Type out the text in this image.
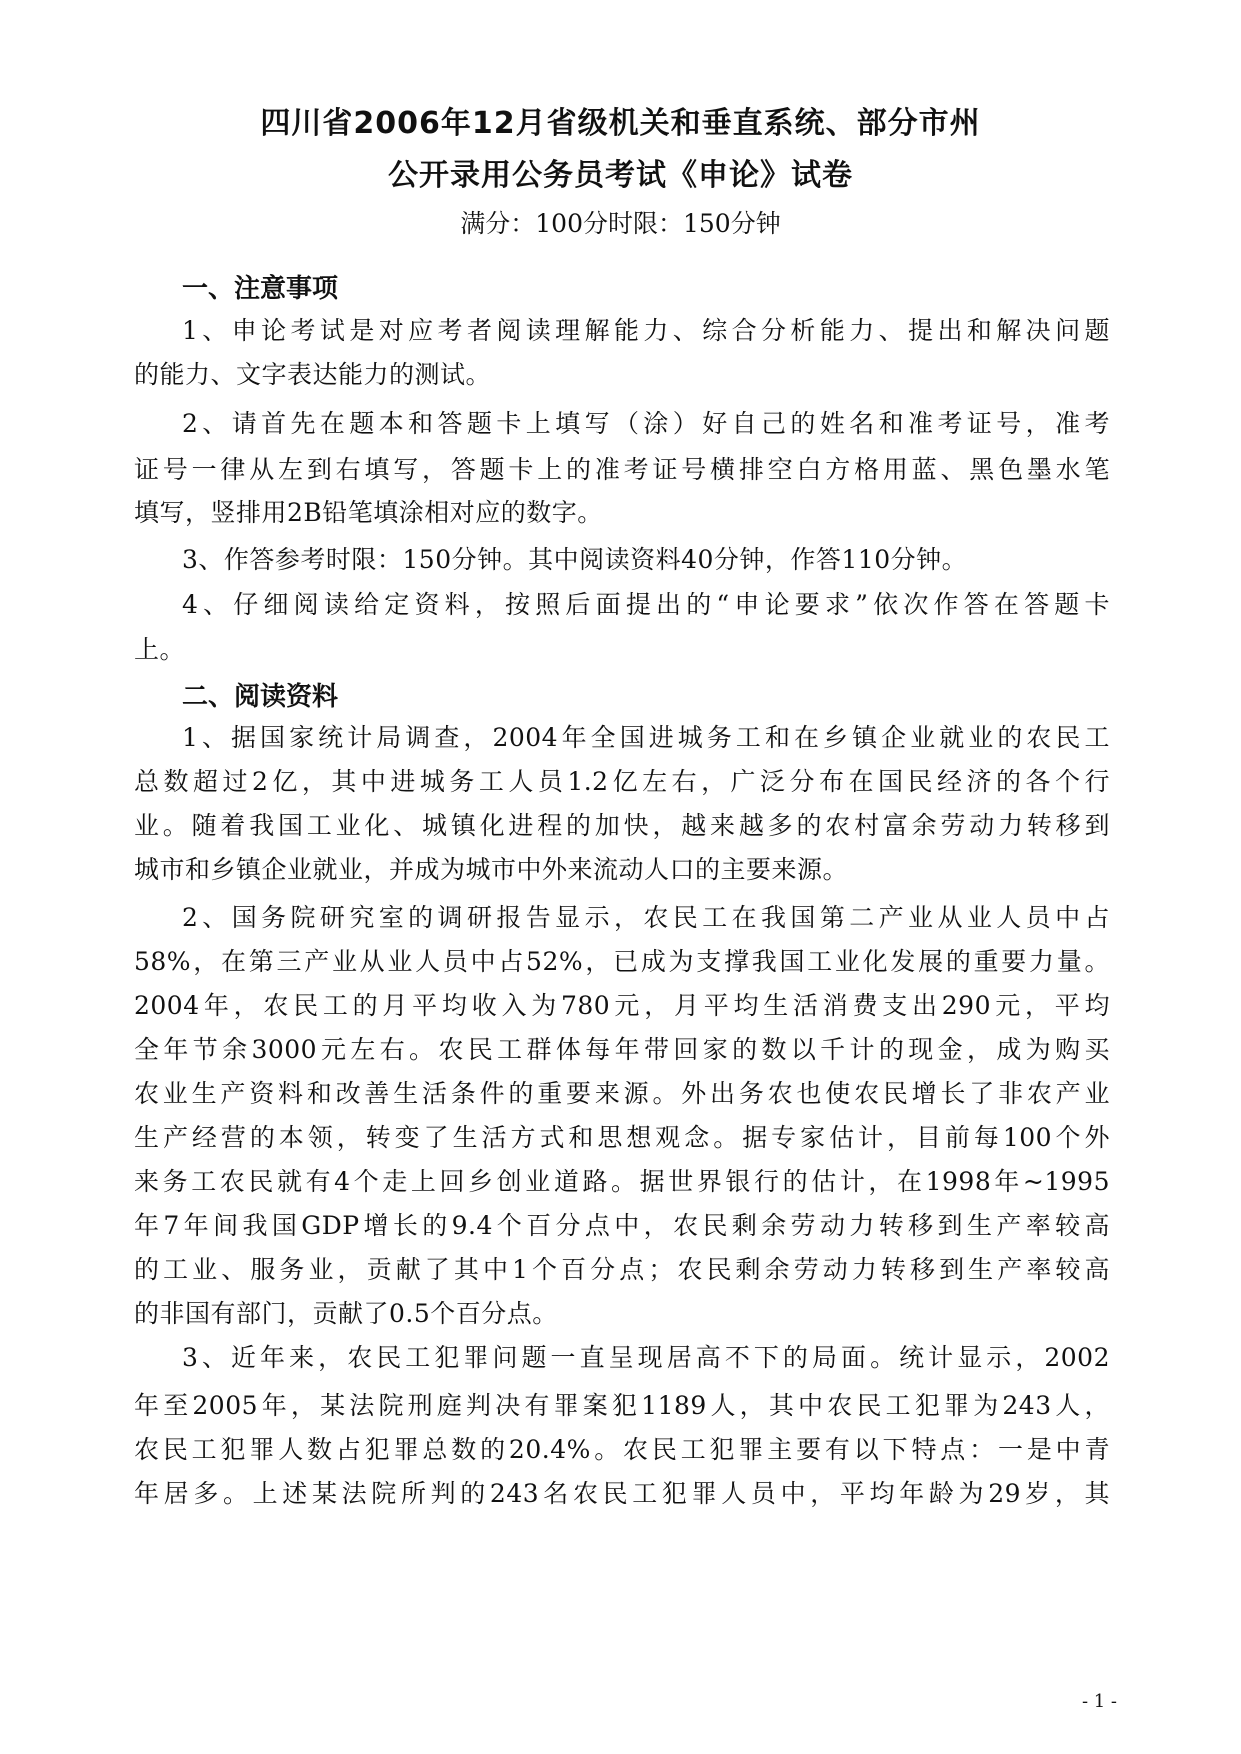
四川省2006年12月省级机关和垂直系统、部分市州
公开录用公务员考试《申论》试卷
满分：100分时限：150分钟
一、注意事项
1、申论考试是对应考者阅读理解能力、综合分析能力、提出和解决问题
的能力、文字表达能力的测试。
2、请首先在题本和答题卡上填写（涂）好自己的姓名和准考证号，准考
证号一律从左到右填写，答题卡上的准考证号横排空白方格用蓝、黑色墨水笔
填写，竖排用2B铅笔填涂相对应的数字。
3、作答参考时限：150分钟。其中阅读资料40分钟，作答110分钟。
4、仔细阅读给定资料，按照后面提出的“申论要求”依次作答在答题卡
上。
二、阅读资料
1、据国家统计局调查，2004年全国进城务工和在乡镇企业就业的农民工
总数超过2亿，其中进城务工人员1.2亿左右，广泛分布在国民经济的各个行
业。随着我国工业化、城镇化进程的加快，越来越多的农村富余劳动力转移到
城市和乡镇企业就业，并成为城市中外来流动人口的主要来源。
2、国务院研究室的调研报告显示，农民工在我国第二产业从业人员中占
58%，在第三产业从业人员中占52%，已成为支撑我国工业化发展的重要力量。
2004年，农民工的月平均收入为780元，月平均生活消费支出290元，平均
全年节余3000元左右。农民工群体每年带回家的数以千计的现金，成为购买
农业生产资料和改善生活条件的重要来源。外出务农也使农民增长了非农产业
生产经营的本领，转变了生活方式和思想观念。据专家估计，目前每100个外
来务工农民就有4个走上回乡创业道路。据世界银行的估计，在1998年~1995
年7年间我国GDP增长的9.4个百分点中，农民剩余劳动力转移到生产率较高
的工业、服务业，贡献了其中1个百分点；农民剩余劳动力转移到生产率较高
的非国有部门，贡献了0.5个百分点。
3、近年来，农民工犯罪问题一直呈现居高不下的局面。统计显示，2002
年至2005年，某法院刑庭判决有罪案犯1189人，其中农民工犯罪为243人，
农民工犯罪人数占犯罪总数的20.4%。农民工犯罪主要有以下特点：一是中青
- 1 -
年居多。上述某法院所判的243名农民工犯罪人员中，平均年龄为29岁，其
